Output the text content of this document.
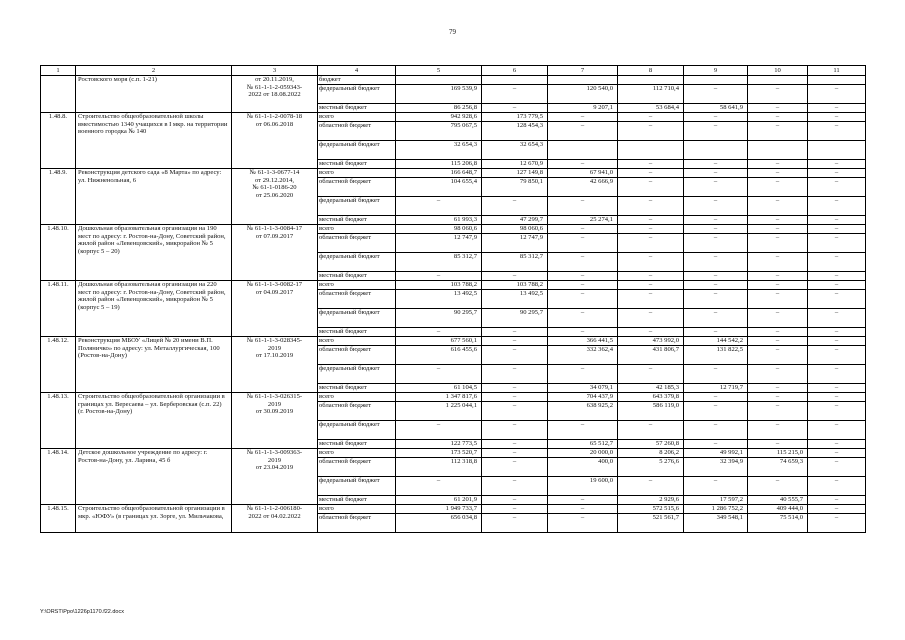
79
1	2	3	4	5	6	7	8	9	10	11
	Ростовского моря (с.п. 1-21)	от 20.11.2019,
№ 61-1-1-2-059343-
2022 от 18.08.2022	бюджет							
			федеральный бюджет	169 539,9	–	120 540,0	112 710,4	–	–	–
			местный бюджет	86 256,8	–	9 207,1	53 684,4	58 641,9	–	–
1.48.8.	Строительство общеобразовательной школы вместимостью 1340 учащихся в I мкр. на территории военного городка № 140	№ 61-1-1-2-0078-18
от 06.06.2018	всего	942 928,6	173 779,5	–	–	–	–	–
			областной бюджет	795 067,5	128 454,3	–	–	–	–	–
			федеральный бюджет	32 654,3	32 654,3					
			местный бюджет	115 206,8	12 670,9	–	–	–	–	–
1.48.9.	Реконструкция детского сада «8 Марта» по адресу: ул. Нижненольная, 6	№ 61-1-3-0677-14
от 29.12.2014,
№ 61-1-0186-20
от 25.06.2020	всего	166 648,7	127 149,8	67 941,0	–	–	–	–
			областной бюджет	104 655,4	79 850,1	42 666,9	–	–	–	–
			федеральный бюджет	–	–	–	–	–	–	–
			местный бюджет	61 993,3	47 299,7	25 274,1	–	–	–	–
1.48.10.	Дошкольная образовательная организация на 190 мест по адресу: г. Ростов-на-Дону, Советский район, жилой район «Левенцовский», микрорайон № 5 (корпус 5 – 20)	№ 61-1-1-3-0084-17
от 07.09.2017	всего	98 060,6	98 060,6	–	–	–	–	–
			областной бюджет	12 747,9	12 747,9	–	–	–	–	–
			федеральный бюджет	85 312,7	85 312,7	–	–	–	–	–
			местный бюджет	–	–	–	–	–	–	–
1.48.11.	Дошкольная образовательная организация на 220 мест по адресу: г. Ростов-на-Дону, Советский район, жилой район «Левенцовский», микрорайон № 5 (корпус 5 – 19)	№ 61-1-1-3-0082-17
от 04.09.2017	всего	103 788,2	103 788,2	–	–	–	–	–
			областной бюджет	13 492,5	13 492,5	–	–	–	–	–
			федеральный бюджет	90 295,7	90 295,7	–	–	–	–	–
			местный бюджет	–	–	–	–	–	–	–
1.48.12.	Реконструкция МБОУ «Лицей № 20 имени В.П. Поляничко» по адресу: ул. Металлургическая, 100 (Ростов-на-Дону)	№ 61-1-1-3-028345-
2019
от 17.10.2019	всего	677 560,1	–	366 441,5	473 992,0	144 542,2	–	–
			областной бюджет	616 455,6	–	332 362,4	431 806,7	131 822,5	–	–
			федеральный бюджет	–	–	–	–	–	–	–
			местный бюджет	61 104,5	–	34 079,1	42 185,3	12 719,7	–	–
1.48.13.	Строительство общеобразовательной организации в границах ул. Вересаева – ул. Берберовская (с.п. 22) (г. Ростов-на-Дону)	№ 61-1-1-3-026315-
2019
от 30.09.2019	всего	1 347 817,6	–	704 437,9	643 379,8	–	–	–
			областной бюджет	1 225 044,1	–	638 925,2	586 119,0	–	–	–
			федеральный бюджет	–	–	–	–	–	–	–
			местный бюджет	122 773,5	–	65 512,7	57 260,8	–	–	–
1.48.14.	Детское дошкольное учреждение по адресу: г. Ростов-на-Дону, ул. Ларина, 45 б	№ 61-1-1-3-009363-
2019
от 23.04.2019	всего	173 520,7	–	20 000,0	8 206,2	49 992,1	115 215,0	–
			областной бюджет	112 318,8	–	400,0	5 276,6	32 394,9	74 659,3	–
			федеральный бюджет	–	–	19 600,0	–	–	–	–
			местный бюджет	61 201,9	–	–	2 929,6	17 597,2	40 555,7	–
1.48.15.	Строительство общеобразовательной организации в мкр. «ЮФУ» (в границах ул. Зорге, ул. Мильчакова,	№ 61-1-1-2-006180-
2022 от 04.02.2022	всего	1 949 733,7	–	–	572 515,6	1 286 752,2	409 444,0	–
			областной бюджет	656 034,8	–	–	521 561,7	349 548,1	75 514,0	–
Y:\ORST\Ppo\1226p1170.f22.docx
